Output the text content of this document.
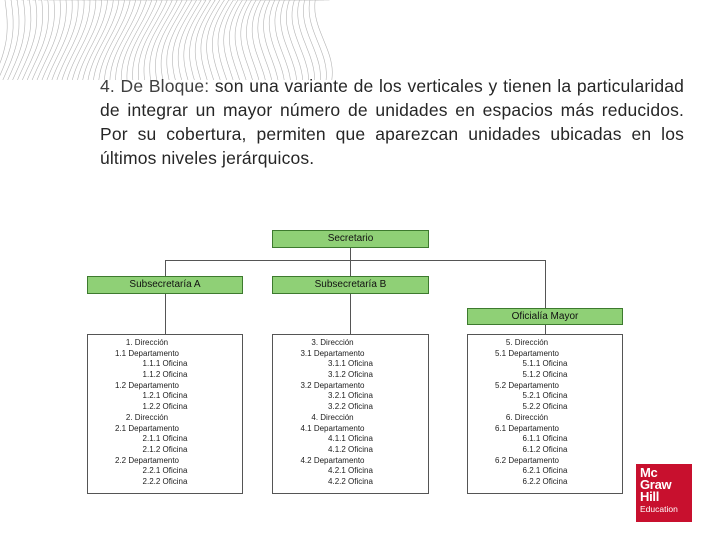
4. De Bloque: son una variante de los verticales y tienen la particularidad de integrar un mayor número de unidades en espacios más reducidos. Por su cobertura, permiten que aparezcan unidades ubicadas en los últimos niveles jerárquicos.
Secretario
Subsecretaría A	Subsecretaría B
Oficialía Mayor
1. Dirección
1.1 Departamento
1.1.1 Oficina
1.1.2 Oficina
1.2 Departamento
1.2.1 Oficina
1.2.2 Oficina
2. Dirección
2.1 Departamento
2.1.1 Oficina
2.1.2 Oficina
2.2 Departamento
2.2.1 Oficina
2.2.2 Oficina
3. Dirección
3.1 Departamento
3.1.1 Oficina
3.1.2 Oficina
3.2 Departamento
3.2.1 Oficina
3.2.2 Oficina
4. Dirección
4.1 Departamento
4.1.1 Oficina
4.1.2 Oficina
4.2 Departamento
4.2.1 Oficina
4.2.2 Oficina
5. Dirección
5.1 Departamento
5.1.1 Oficina
5.1.2 Oficina
5.2 Departamento
5.2.1 Oficina
5.2.2 Oficina
6. Dirección
6.1 Departamento
6.1.1 Oficina
6.1.2 Oficina
6.2 Departamento
6.2.1 Oficina
6.2.2 Oficina
Mc
Graw
Hill
Education
